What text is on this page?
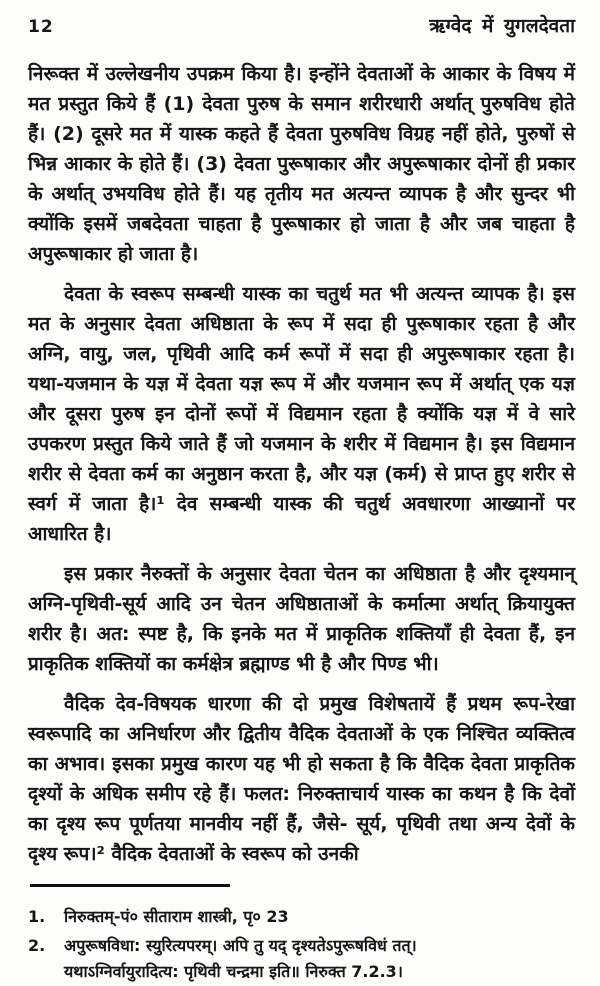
12	ऋग्वेद में युगलदेवता

निरूक्त में उल्लेखनीय उपक्रम किया है। इन्होंने देवताओं के आकार के विषय में मत प्रस्तुत किये हैं (1) देवता पुरुष के समान शरीरधारी अर्थात् पुरुषविध होते हैं। (2) दूसरे मत में यास्क कहते हैं देवता पुरुषविध विग्रह नहीं होते, पुरुषों से भिन्न आकार के होते हैं। (3) देवता पुरूषाकार और अपुरूषाकार दोनों ही प्रकार के अर्थात् उभयविध होते हैं। यह तृतीय मत अत्यन्त व्यापक है और सुन्दर भी क्योंकि इसमें जबदेवता चाहता है पुरूषाकार हो जाता है और जब चाहता है अपुरूषाकार हो जाता है।

देवता के स्वरूप सम्बन्धी यास्क का चतुर्थ मत भी अत्यन्त व्यापक है। इस मत के अनुसार देवता अधिष्ठाता के रूप में सदा ही पुरूषाकार रहता है और अग्नि, वायु, जल, पृथिवी आदि कर्म रूपों में सदा ही अपुरूषाकार रहता है। यथा-यजमान के यज्ञ में देवता यज्ञ रूप में और यजमान रूप में अर्थात् एक यज्ञ और दूसरा पुरुष इन दोनों रूपों में विद्यमान रहता है क्योंकि यज्ञ में वे सारे उपकरण प्रस्तुत किये जाते हैं जो यजमान के शरीर में विद्यमान है। इस विद्यमान शरीर से देवता कर्म का अनुष्ठान करता है, और यज्ञ (कर्म) से प्राप्त हुए शरीर से स्वर्ग में जाता है।¹ देव सम्बन्धी यास्क की चतुर्थ अवधारणा आख्यानों पर आधारित है।

इस प्रकार नैरुक्तों के अनुसार देवता चेतन का अधिष्ठाता है और दृश्यमान् अग्नि-पृथिवी-सूर्य आदि उन चेतन अधिष्ठाताओं के कर्मात्मा अर्थात् क्रियायुक्त शरीर है। अत: स्पष्ट है, कि इनके मत में प्राकृतिक शक्तियाँ ही देवता हैं, इन प्राकृतिक शक्तियों का कर्मक्षेत्र ब्रह्माण्ड भी है और पिण्ड भी।

वैदिक देव-विषयक धारणा की दो प्रमुख विशेषतायें हैं प्रथम रूप-रेखा स्वरूपादि का अनिर्धारण और द्वितीय वैदिक देवताओं के एक निश्चित व्यक्तित्व का अभाव। इसका प्रमुख कारण यह भी हो सकता है कि वैदिक देवता प्राकृतिक दृश्यों के अधिक समीप रहे हैं। फलत: निरुक्ताचार्य यास्क का कथन है कि देवों का दृश्य रूप पूर्णतया मानवीय नहीं हैं, जैसे- सूर्य, पृथिवी तथा अन्य देवों के दृश्य रूप।² वैदिक देवताओं के स्वरूप को उनकी

1.	निरुक्तम्-पं० सीताराम शास्त्री, पृ० 23
2.	अपुरूषविधा: स्युरित्यपरम्। अपि तु यद् दृश्यतेऽपुरूषविधं तत्।
यथाऽग्निर्वायुरादित्य: पृथिवी चन्द्रमा इति॥ निरुक्त 7.2.3।
